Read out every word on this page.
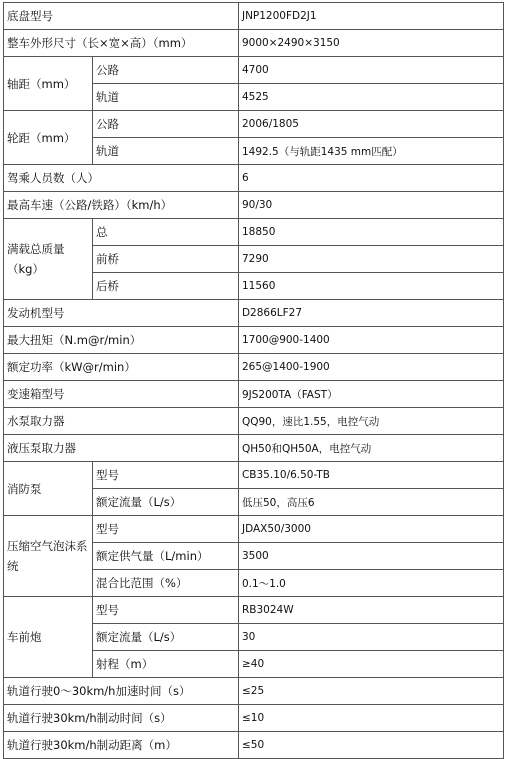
底盘型号		JNP1200FD2J1
整车外形尺寸（长×宽×高）（mm）		9000×2490×3150
轴距（mm）	公路	4700
	轨道	4525
轮距（mm）	公路	2006/1805
	轨道	1492.5（与轨距1435 mm匹配）
驾乘人员数（人）		6
最高车速（公路/铁路）（km/h）		90/30
满载总质量（kg）	总	18850
	前桥	7290
	后桥	11560
发动机型号		D2866LF27
最大扭矩（N.m@r/min）		1700@900-1400
额定功率（kW@r/min）		265@1400-1900
变速箱型号		9JS200TA（FAST）
水泵取力器		QQ90，速比1.55，电控气动
液压泵取力器		QH50和QH50A，电控气动
消防泵	型号	CB35.10/6.50-TB
	额定流量（L/s）	低压50，高压6
压缩空气泡沫系统	型号	JDAX50/3000
	额定供气量（L/min）	3500
	混合比范围（%）	0.1～1.0
车前炮	型号	RB3024W
	额定流量（L/s）	30
	射程（m）	≥40
轨道行驶0～30km/h加速时间（s）		≤25
轨道行驶30km/h制动时间（s）		≤10
轨道行驶30km/h制动距离（m）		≤50
